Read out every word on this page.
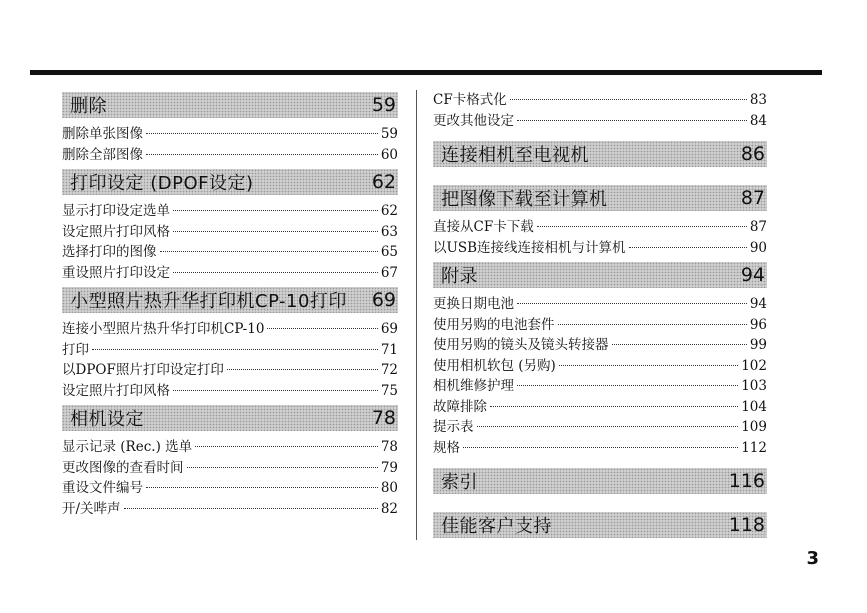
删除	59
删除单张图像	59
删除全部图像	60
打印设定 (DPOF设定)	62
显示打印设定选单	62
设定照片打印风格	63
选择打印的图像	65
重设照片打印设定	67
小型照片热升华打印机CP-10打印 69
连接小型照片热升华打印机CP-10	69
打印	71
以DPOF照片打印设定打印	72
设定照片打印风格	75
相机设定	78
显示记录 (Rec.) 选单	78
更改图像的查看时间	79
重设文件编号	80
开/关哔声	82
CF卡格式化	83
更改其他设定	84
连接相机至电视机	86
把图像下载至计算机	87
直接从CF卡下载	87
以USB连接线连接相机与计算机	90
附录	94
更换日期电池	94
使用另购的电池套件	96
使用另购的镜头及镜头转接器	99
使用相机软包 (另购)	102
相机维修护理	103
故障排除	104
提示表	109
规格	112
索引	116
佳能客户支持	118
3
